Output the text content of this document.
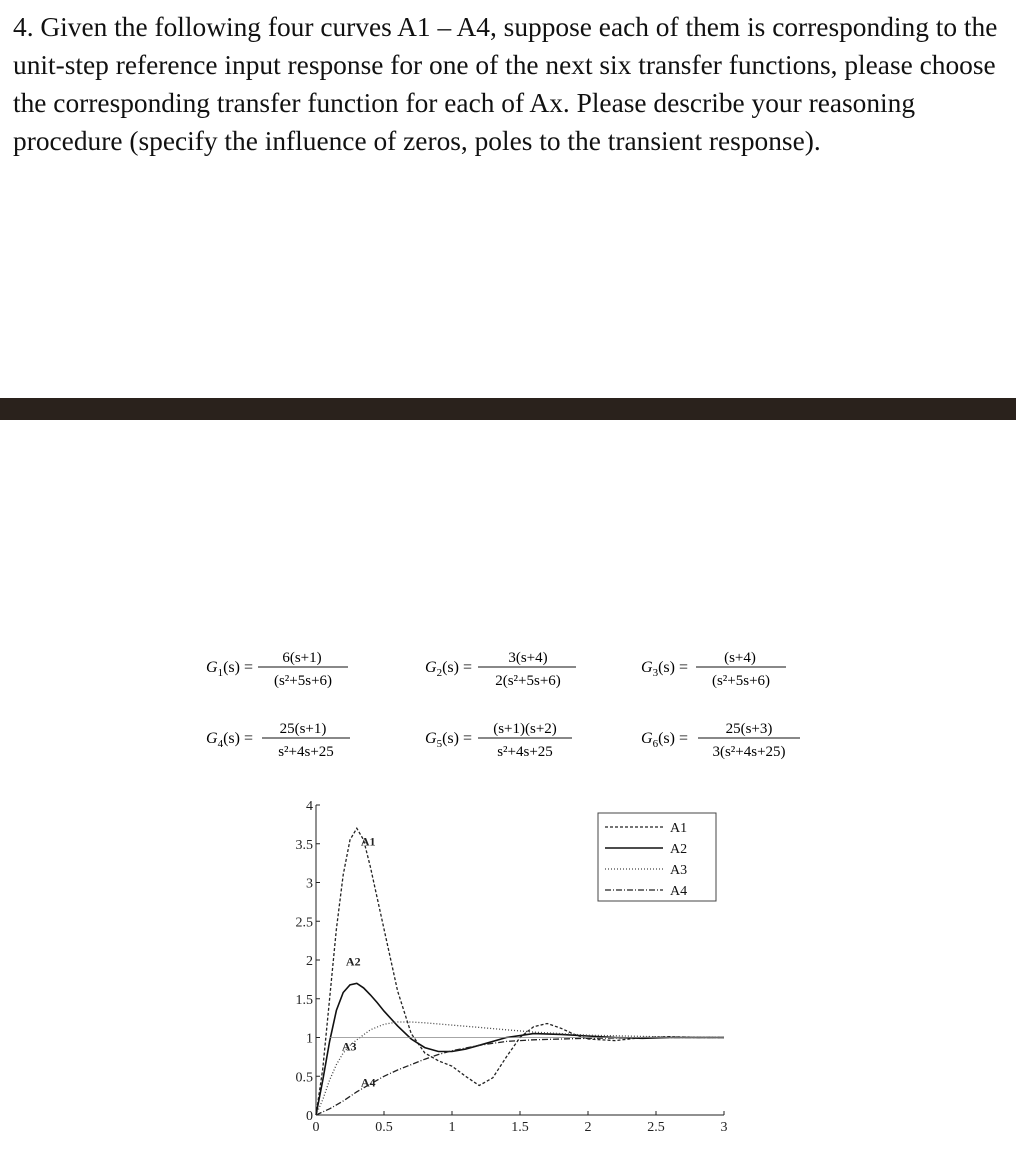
4. Given the following four curves A1 – A4, suppose each of them is corresponding to the unit-step reference input response for one of the next six transfer functions, please choose the corresponding transfer function for each of Ax. Please describe your reasoning procedure (specify the influence of zeros, poles to the transient response).

$G_1(s)$ =
6(s+1)
(s²+5s+6)
$G_2(s)$ =
3(s+4)
2(s²+5s+6)
$G_3(s)$ =
(s+4)
(s²+5s+6)
$G_4(s)$ =
25(s+1)
s²+4s+25
$G_5(s)$ =
(s+1)(s+2)
s²+4s+25
$G_6(s)$ =
25(s+3)
3(s²+4s+25)
0	0.5	1	1.5	2	2.5	3
0
0.5
1
1.5
2
2.5
3
3.5
4
A1
A2
A3
A4
A1
A2
A3
A4
